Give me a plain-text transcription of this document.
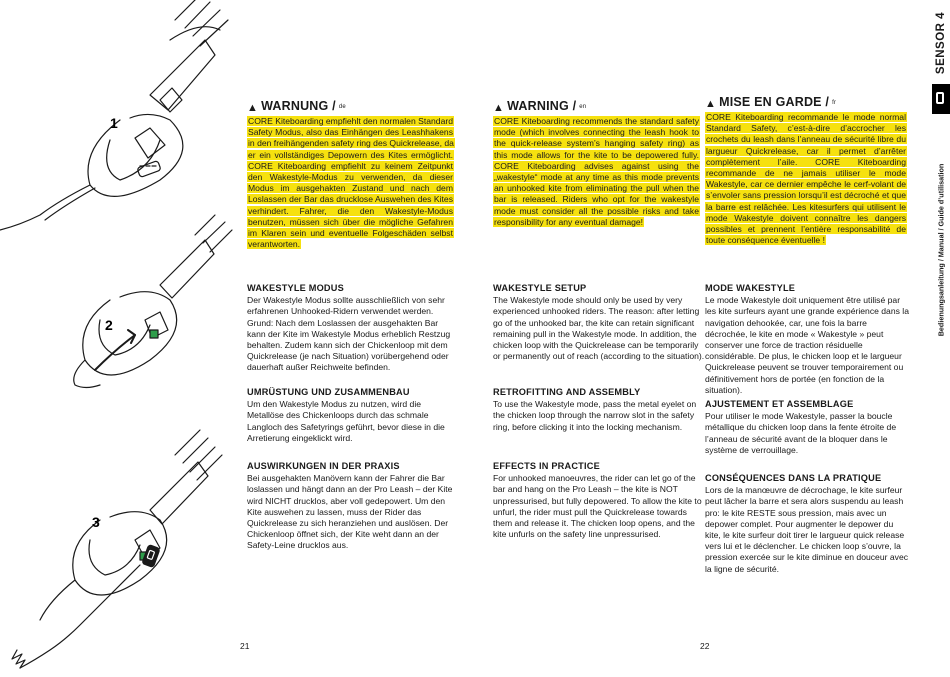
1
2
3
▲ WARNUNG / de
CORE Kiteboarding empfiehlt den normalen Standard Safety Modus, also das Einhängen des Leashhakens in den freihängenden safety ring des Quickrelease, da er ein vollständiges Depowern des Kites ermöglicht. CORE Kiteboarding empfiehlt zu keinem Zeitpunkt den Wakestyle-Modus zu verwenden, da dieser Modus im ausgehakten Zustand und nach dem Loslassen der Bar das drucklose Auswehen des Kites verhindert. Fahrer, die den Wakestyle-Modus benutzen, müssen sich über die mögliche Gefahren im Klaren sein und eventuelle Folgeschäden selbst verantworten.
▲ WARNING / en
CORE Kiteboarding recommends the standard safety mode (which involves connecting the leash hook to the quick-release system’s hanging safety ring) as this mode allows for the kite to be depowered fully. CORE Kiteboarding advises against using the „wakestyle“ mode at any time as this mode prevents an unhooked kite from eliminating the pull when the bar is released. Riders who opt for the wakestyle mode must consider all the possible risks and take responsibility for any eventual damage!
▲ MISE EN GARDE / fr
CORE Kiteboarding recommande le mode normal Standard Safety, c’est-à-dire d’accrocher les crochets du leash dans l’anneau de sécurité libre du largueur Quickrelease, car il permet d’arrêter complètement l’aile. CORE Kiteboarding recommande de ne jamais utiliser le mode Wakestyle, car ce dernier empêche le cerf-volant de s’envoler sans pression lorsqu’il est décroché et que la barre est relâchée. Les kitesurfers qui utilisent le mode Wakestyle doivent connaître les dangers possibles et prennent l’entière responsabilité de toute conséquence éventuelle !
WAKESTYLE MODUS

Der Wakestyle Modus sollte ausschließlich von sehr erfahrenen Unhooked-Ridern verwendet werden. Grund: Nach dem Loslassen der ausgehakten Bar kann der Kite im Wakestyle Modus erheblich Restzug behalten. Zudem kann sich der Chickenloop mit dem Quickrelease (je nach Situation) vorübergehend oder dauerhaft außer Reichweite befinden.

UMRÜSTUNG UND ZUSAMMENBAU

Um den Wakestyle Modus zu nutzen, wird die Metallöse des Chickenloops durch das schmale Langloch des Safetyrings geführt, bevor diese in die Arretierung eingeklickt wird.

AUSWIRKUNGEN IN DER PRAXIS

Bei ausgehakten Manövern kann der Fahrer die Bar loslassen und hängt dann an der Pro Leash – der Kite wird NICHT drucklos, aber voll gedepowert. Um den Kite auswehen zu lassen, muss der Rider das Quickrelease zu sich heranziehen und auslösen. Der Chickenloop öffnet sich, der Kite weht dann an der Safety-Leine drucklos aus.

WAKESTYLE SETUP

The Wakestyle mode should only be used by very experienced unhooked riders. The reason: after letting go of the unhooked bar, the kite can retain significant remaining pull in the Wakestyle mode. In addition, the chicken loop with the Quickrelease can be temporarily or permanently out of reach (according to the situation).

RETROFITTING AND ASSEMBLY

To use the Wakestyle mode, pass the metal eyelet on the chicken loop through the narrow slot in the safety ring, before clicking it into the locking mechanism.

EFFECTS IN PRACTICE

For unhooked manoeuvres, the rider can let go of the bar and hang on the Pro Leash – the kite is NOT unpressurised, but fully depowered. To allow the kite to unfurl, the rider must pull the Quickrelease towards them and release it. The chicken loop opens, and the kite unfurls on the safety line unpressurised.

MODE WAKESTYLE

Le mode Wakestyle doit uniquement être utilisé par les kite surfeurs ayant une grande expérience dans la navigation dehookée, car, une fois la barre décrochée, le kite en mode « Wakestyle » peut conserver une force de traction résiduelle considérable. De plus, le chicken loop et le largueur Quickrelease peuvent se trouver temporairement ou définitivement hors de portée (en fonction de la situation).

AJUSTEMENT ET ASSEMBLAGE

Pour utiliser le mode Wakestyle, passer la boucle métallique du chicken loop dans la fente étroite de l’anneau de sécurité avant de la bloquer dans le système de verrouillage.

CONSÉQUENCES DANS LA PRATIQUE

Lors de la manœuvre de décrochage, le kite surfeur peut lâcher la barre et sera alors suspendu au leash pro: le kite RESTE sous pression, mais avec un depower complet. Pour augmenter le depower du kite, le kite surfeur doit tirer le largueur quick release vers lui et le déclencher. Le chicken loop s’ouvre, la pression exercée sur le kite diminue en douceur avec la ligne de sécurité.

21	22
SENSOR 4
Bedienungsanleitung / Manual / Guide d’utilisation
